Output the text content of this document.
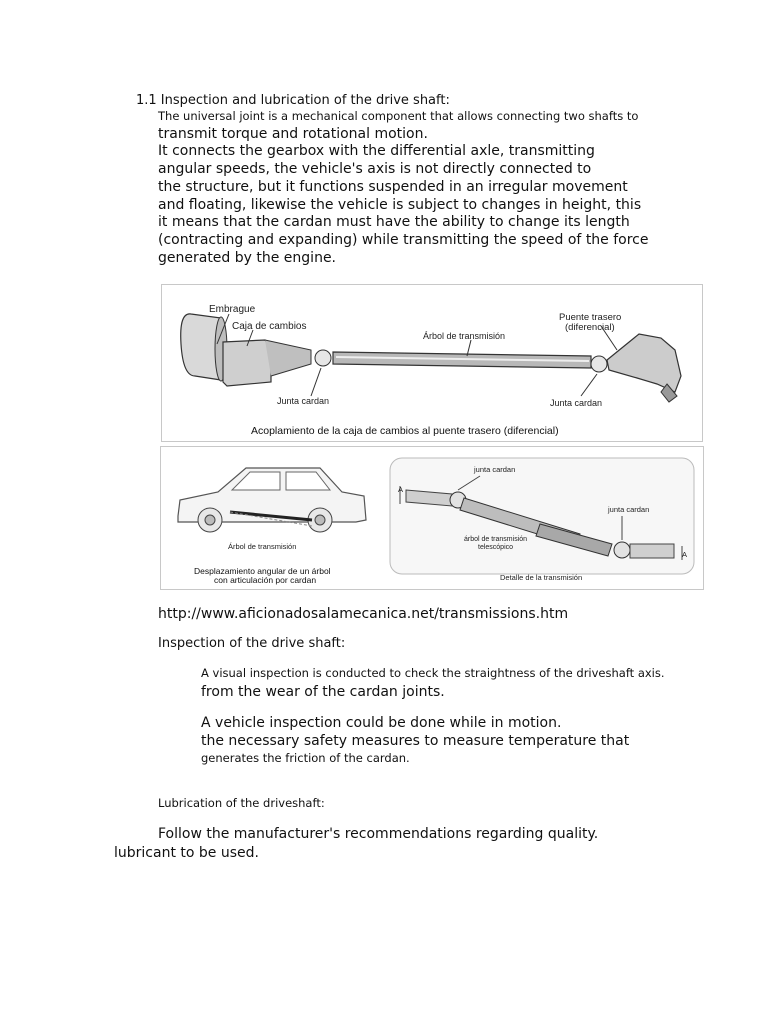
1.1 Inspection and lubrication of the drive shaft:
The universal joint is a mechanical component that allows connecting two shafts to
transmit torque and rotational motion.
It connects the gearbox with the differential axle, transmitting
angular speeds, the vehicle's axis is not directly connected to
the structure, but it functions suspended in an irregular movement
and floating, likewise the vehicle is subject to changes in height, this
it means that the cardan must have the ability to change its length
(contracting and expanding) while transmitting the speed of the force
generated by the engine.
Embrague
Caja de cambios
Árbol de transmisión
Puente trasero
(diferencial)
Junta cardan	Junta cardan
Acoplamiento de la caja de cambios al puente trasero (diferencial)
Árbol de transmisión
Desplazamiento angular de un árbol
con articulación por cardan
junta cardan
junta cardan
árbol de transmisión
telescópico
A
A
Detalle de la transmisión
http://www.aficionadosalamecanica.net/transmissions.htm
Inspection of the drive shaft:
A visual inspection is conducted to check the straightness of the driveshaft axis.
from the wear of the cardan joints.
A vehicle inspection could be done while in motion.
the necessary safety measures to measure temperature that
generates the friction of the cardan.
Lubrication of the driveshaft:
Follow the manufacturer's recommendations regarding quality.
lubricant to be used.
